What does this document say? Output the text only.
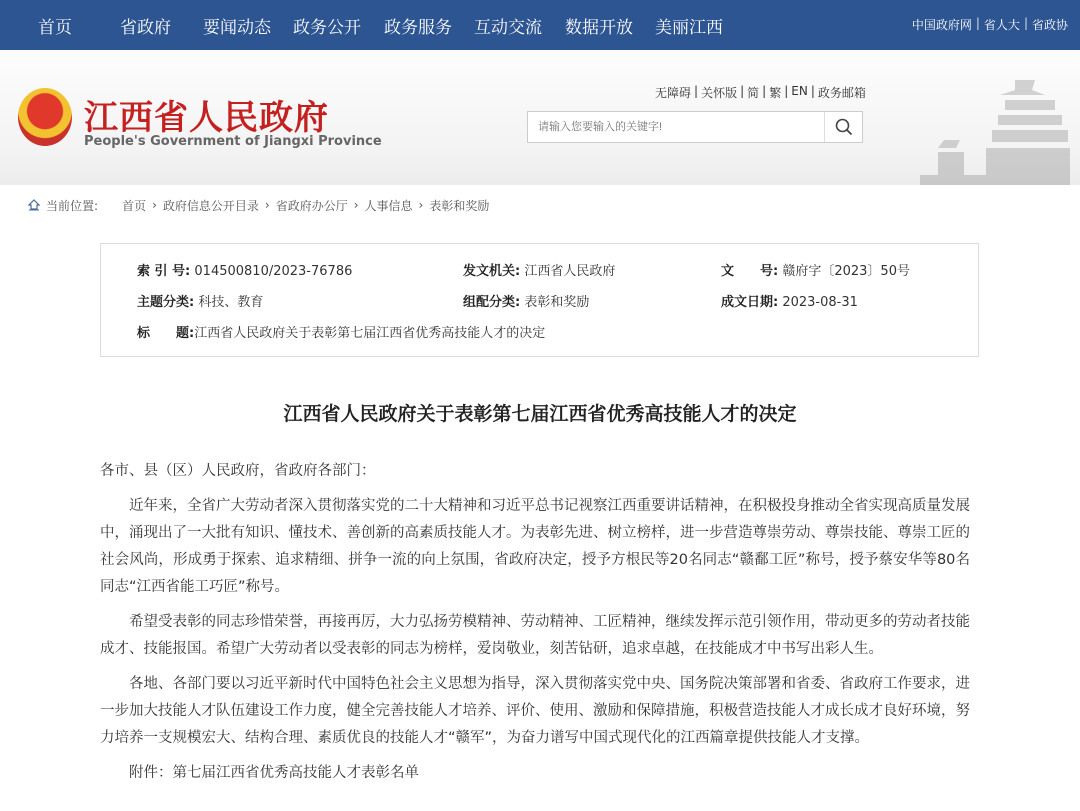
首页	省政府 要闻动态 政务公开 政务服务 互动交流 数据开放 美丽江西	中国政府网 | 省人大 | 省政协
江西省人民政府
People's Government of Jiangxi Province
无障碍 | 关怀版 | 简 | 繁 | EN | 政务邮箱
请输入您要输入的关键字!
当前位置: 首页 › 政府信息公开目录 › 省政府办公厅 › 人事信息 › 表彰和奖励
索 引 号: 014500810/2023-76786	发文机关: 江西省人民政府	文　　号: 赣府字〔2023〕50号
主题分类: 科技、教育	组配分类: 表彰和奖励	成文日期: 2023-08-31
标　　题:江西省人民政府关于表彰第七届江西省优秀高技能人才的决定
江西省人民政府关于表彰第七届江西省优秀高技能人才的决定

各市、县（区）人民政府，省政府各部门：

近年来，全省广大劳动者深入贯彻落实党的二十大精神和习近平总书记视察江西重要讲话精神，在积极投身推动全省实现高质量发展中，涌现出了一大批有知识、懂技术、善创新的高素质技能人才。为表彰先进、树立榜样，进一步营造尊崇劳动、尊崇技能、尊崇工匠的社会风尚，形成勇于探索、追求精细、拼争一流的向上氛围，省政府决定，授予方根民等20名同志“赣鄱工匠”称号，授予蔡安华等80名同志“江西省能工巧匠”称号。

希望受表彰的同志珍惜荣誉，再接再厉，大力弘扬劳模精神、劳动精神、工匠精神，继续发挥示范引领作用，带动更多的劳动者技能成才、技能报国。希望广大劳动者以受表彰的同志为榜样，爱岗敬业，刻苦钻研，追求卓越，在技能成才中书写出彩人生。

各地、各部门要以习近平新时代中国特色社会主义思想为指导，深入贯彻落实党中央、国务院决策部署和省委、省政府工作要求，进一步加大技能人才队伍建设工作力度，健全完善技能人才培养、评价、使用、激励和保障措施，积极营造技能人才成长成才良好环境，努力培养一支规模宏大、结构合理、素质优良的技能人才“赣军”，为奋力谱写中国式现代化的江西篇章提供技能人才支撑。

附件：第七届江西省优秀高技能人才表彰名单
